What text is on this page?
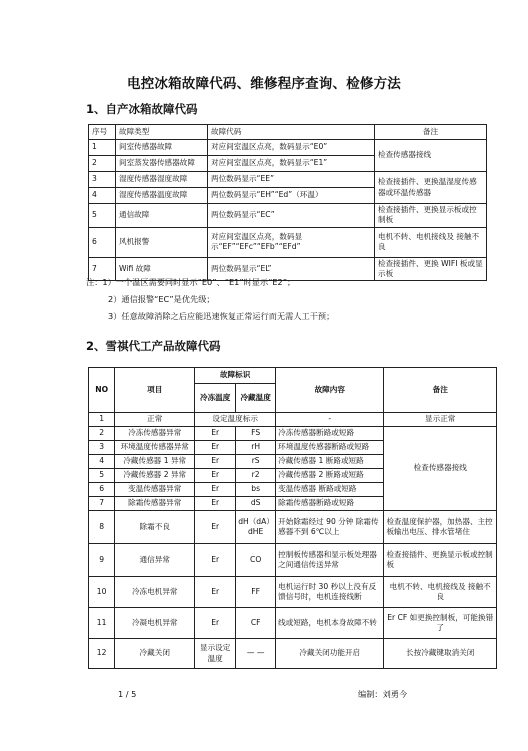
电控冰箱故障代码、维修程序查询、检修方法
1、自产冰箱故障代码
序号	故障类型	故障代码	备注
1	间室传感器故障	对应间室温区点亮，数码显示“E0”	检查传感器接线
2	间室蒸发器传感器故障	对应间室温区点亮，数码显示“E1”	
3	湿度传感器湿度故障	两位数码显示“EE”	检查接插件、更换温湿度传感器或环温传感器
4	湿度传感器温度故障	两位数码显示“EH”“Ed”（环温）	
5	通信故障	两位数码显示“EC”	检查接插件、更换显示板或控制板
6	风机报警	对应间室温区点亮，数码显示“EF”“EFc”“EFb”“EFd”	电机不转、电机接线及 接触不良
7	Wifi 故障	两位数码显示“EL”	检查接插件、更换 WIFI 板或显示板
注：1）一个温区需要同时显示“E0”、“E1”时显示“E2”；
2）通信报警“EC”是优先级；
3）任意故障消除之后应能迅速恢复正常运行而无需人工干预；
2、雪祺代工产品故障代码
NO	项目	故障标识		故障内容	备注
		冷冻温度	冷藏温度		
1	正常	设定温度标示		-	显示正常
2	冷冻传感器异常	Er	FS	冷冻传感器断路或短路	检查传感器接线
3	环境温度传感器异常	Er	rH	环境温度传感器断路或短路	
4	冷藏传感器 1 异常	Er	rS	冷藏传感器 1 断路或短路	
5	冷藏传感器 2 异常	Er	r2	冷藏传感器 2 断路或短路	
6	变温传感器异常	Er	bs	变温传感器 断路或短路	
7	除霜传感器异常	Er	dS	除霜传感器断路或短路	
8	除霜不良	Er	dH（dA）
dHE	开始除霜经过 90 分钟 除霜传感器不到 6℃以上	检查温度保护器，加热器、主控板输出电压、排水管堵住
9	通信异常	Er	CO	控制板传感器和显示板处理器之间通信传送异常	检查接插件、更换显示板或控制板
10	冷冻电机异常	Er	FF	电机运行时 30 秒以上没有反馈信号时，电机连接线断	电机不转、电机接线及 接触不良
11	冷凝电机异常	Er	CF	线或短路，电机本身故障不转	Er CF 如更换控制板，可能换错了
12	冷藏关闭	显示设定温度	— —	冷藏关闭功能开启	长按冷藏键取消关闭
1 / 5	编制：刘勇今
